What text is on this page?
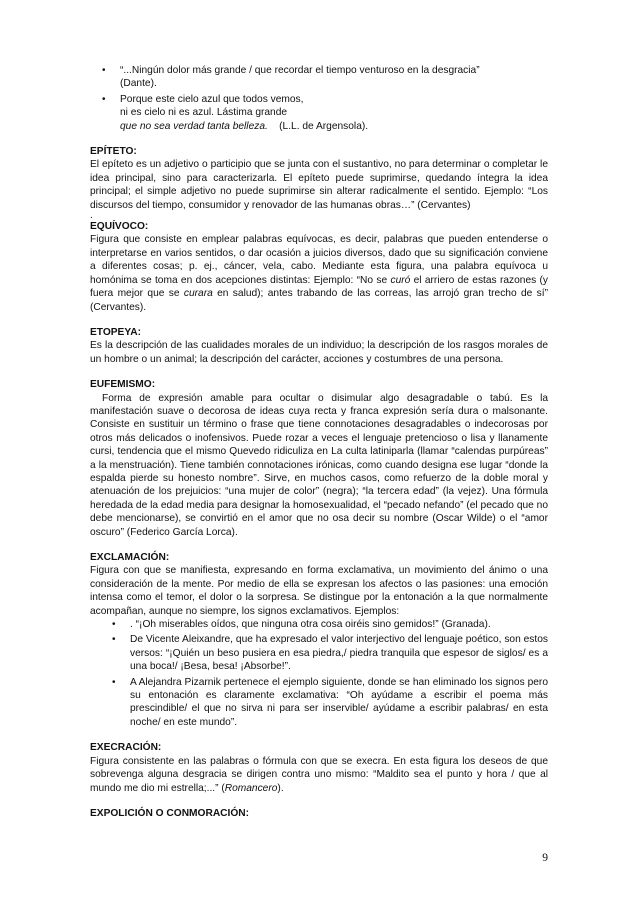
• “...Ningún dolor más grande / que recordar el tiempo venturoso en la desgracia”
(Dante).
• Porque este cielo azul que todos vemos,
ni es cielo ni es azul. Lástima grande
que no sea verdad tanta belleza.    (L.L. de Argensola).

EPÍTETO:

El epíteto es un adjetivo o participio que se junta con el sustantivo, no para determinar o completar le idea principal, sino para caracterizarla. El epíteto puede suprimirse, quedando íntegra la idea principal; el simple adjetivo no puede suprimirse sin alterar radicalmente el sentido. Ejemplo: “Los discursos del tiempo, consumidor y renovador de las humanas obras…” (Cervantes)

.

EQUÍVOCO:

Figura que consiste en emplear palabras equívocas, es decir, palabras que pueden entenderse o interpretarse en varios sentidos, o dar ocasión a juicios diversos, dado que su significación conviene a diferentes cosas; p. ej., cáncer, vela, cabo. Mediante esta figura, una palabra equívoca u homónima se toma en dos acepciones distintas: Ejemplo: “No se curó el arriero de estas razones (y fuera mejor que se curara en salud); antes trabando de las correas, las arrojó gran trecho de sí” (Cervantes).

ETOPEYA:

Es la descripción de las cualidades morales de un individuo; la descripción de los rasgos morales de un hombre o un animal; la descripción del carácter, acciones y costumbres de una persona.

EUFEMISMO:

Forma de expresión amable para ocultar o disimular algo desagradable o tabú. Es la manifestación suave o decorosa de ideas cuya recta y franca expresión sería dura o malsonante. Consiste en sustituir un término o frase que tiene connotaciones desagradables o indecorosas por otros más delicados o inofensivos. Puede rozar a veces el lenguaje pretencioso o lisa y llanamente cursi, tendencia que el mismo Quevedo ridiculiza en La culta latiniparla (llamar “calendas purpúreas” a la menstruación). Tiene también connotaciones irónicas, como cuando designa ese lugar “donde la espalda pierde su honesto nombre”. Sirve, en muchos casos, como refuerzo de la doble moral y atenuación de los prejuicios: “una mujer de color” (negra); “la tercera edad” (la vejez). Una fórmula heredada de la edad media para designar la homosexualidad, el “pecado nefando” (el pecado que no debe mencionarse), se convirtió en el amor que no osa decir su nombre (Oscar Wilde) o el “amor oscuro” (Federico García Lorca).

EXCLAMACIÓN:

Figura con que se manifiesta, expresando en forma exclamativa, un movimiento del ánimo o una consideración de la mente. Por medio de ella se expresan los afectos o las pasiones: una emoción intensa como el temor, el dolor o la sorpresa. Se distingue por la entonación a la que normalmente acompañan, aunque no siempre, los signos exclamativos. Ejemplos:

• . “¡Oh miserables oídos, que ninguna otra cosa oiréis sino gemidos!” (Granada).
• De Vicente Aleixandre, que ha expresado el valor interjectivo del lenguaje poético, son estos versos: “¡Quién un beso pusiera en esa piedra,/ piedra tranquila que espesor de siglos/ es a una boca!/ ¡Besa, besa! ¡Absorbe!”.
• A Alejandra Pizarnik pertenece el ejemplo siguiente, donde se han eliminado los signos pero su entonación es claramente exclamativa: “Oh ayúdame a escribir el poema más prescindible/ el que no sirva ni para ser inservible/ ayúdame a escribir palabras/ en esta noche/ en este mundo”.

EXECRACIÓN:

Figura consistente en las palabras o fórmula con que se execra. En esta figura los deseos de que sobrevenga alguna desgracia se dirigen contra uno mismo: “Maldito sea el punto y hora / que al mundo me dio mi estrella;...” (Romancero).

EXPOLICIÓN O CONMORACIÓN:

9
